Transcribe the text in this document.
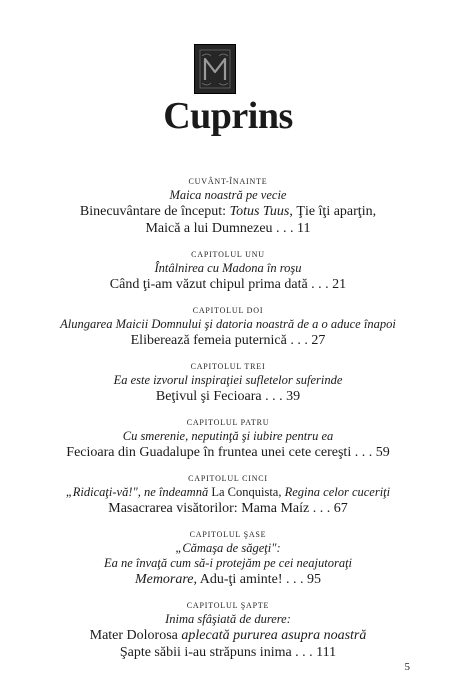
Cuprins
CUVÂNT-ÎNAINTE
Maica noastră pe vecie
Binecuvântare de început: Totus Tuus, Ţie îţi aparţin,
Maică a lui Dumnezeu . . . 11
CAPITOLUL UNU
Întâlnirea cu Madona în roşu
Când ţi-am văzut chipul prima dată . . . 21
CAPITOLUL DOI
Alungarea Maicii Domnului şi datoria noastră de a o aduce înapoi
Eliberează femeia puternică . . . 27
CAPITOLUL TREI
Ea este izvorul inspiraţiei sufletelor suferinde
Beţivul şi Fecioara . . . 39
CAPITOLUL PATRU
Cu smerenie, neputinţă şi iubire pentru ea
Fecioara din Guadalupe în fruntea unei cete cereşti . . . 59
CAPITOLUL CINCI
„Ridicaţi-vă!", ne îndeamnă La Conquista, Regina celor cuceriţi
Masacrarea visătorilor: Mama Maíz . . . 67
CAPITOLUL ŞASE
„Cămaşa de săgeţi":
Ea ne învaţă cum să-i protejăm pe cei neajutoraţi
Memorare, Adu-ţi aminte! . . . 95
CAPITOLUL ŞAPTE
Inima sfâşiată de durere:
Mater Dolorosa aplecată pururea asupra noastră
Şapte săbii i-au străpuns inima . . . 111
5
